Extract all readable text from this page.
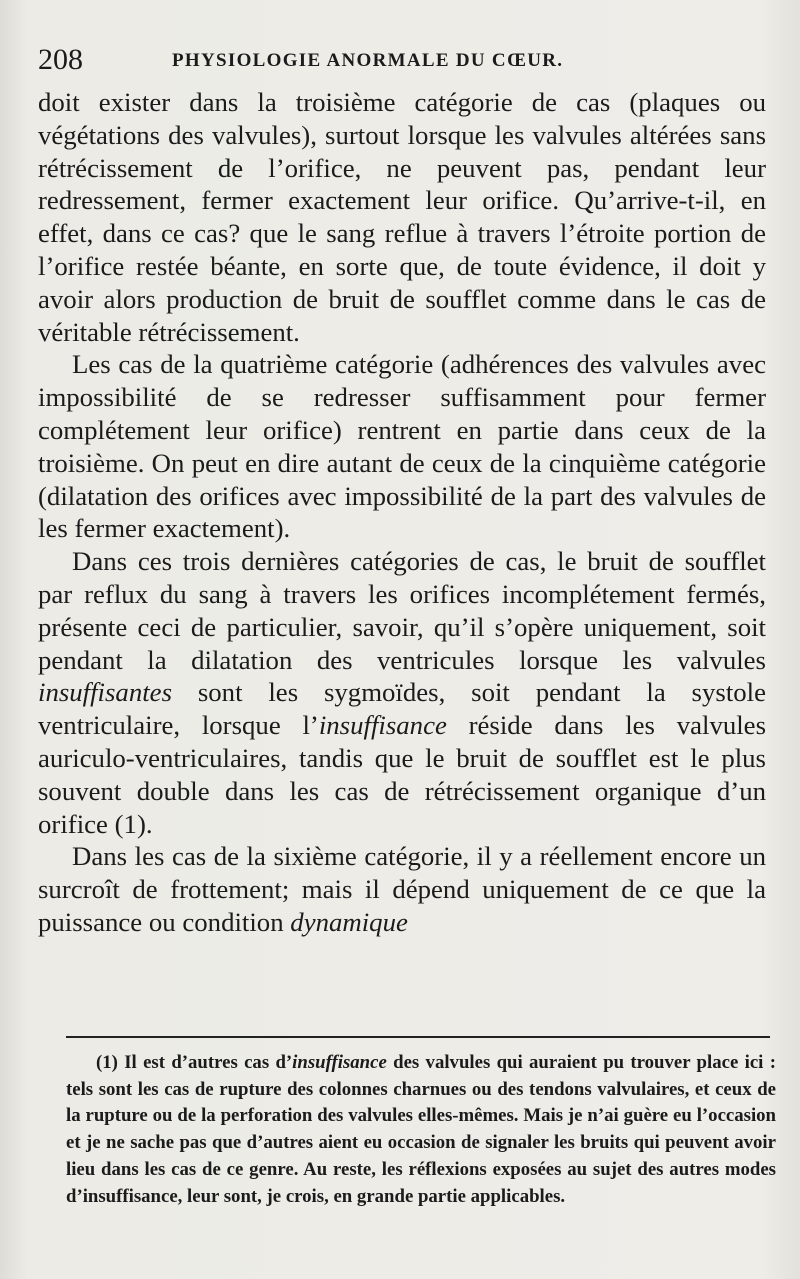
208	PHYSIOLOGIE ANORMALE DU CŒUR.

doit exister dans la troisième catégorie de cas (plaques ou végétations des valvules), surtout lorsque les valvules altérées sans rétrécissement de l’orifice, ne peuvent pas, pendant leur redressement, fermer exactement leur orifice. Qu’arrive-t-il, en effet, dans ce cas? que le sang reflue à travers l’étroite portion de l’orifice restée béante, en sorte que, de toute évidence, il doit y avoir alors production de bruit de soufflet comme dans le cas de véritable rétrécissement.

Les cas de la quatrième catégorie (adhérences des valvules avec impossibilité de se redresser suffisamment pour fermer complétement leur orifice) rentrent en partie dans ceux de la troisième. On peut en dire autant de ceux de la cinquième catégorie (dilatation des orifices avec impossibilité de la part des valvules de les fermer exactement).

Dans ces trois dernières catégories de cas, le bruit de soufflet par reflux du sang à travers les orifices incomplétement fermés, présente ceci de particulier, savoir, qu’il s’opère uniquement, soit pendant la dilatation des ventricules lorsque les valvules insuffisantes sont les sygmoïdes, soit pendant la systole ventriculaire, lorsque l’insuffisance réside dans les valvules auriculo-ventriculaires, tandis que le bruit de soufflet est le plus souvent double dans les cas de rétrécissement organique d’un orifice (1).

Dans les cas de la sixième catégorie, il y a réellement encore un surcroît de frottement; mais il dépend uniquement de ce que la puissance ou condition dynamique

(1) Il est d’autres cas d’insuffisance des valvules qui auraient pu trouver place ici : tels sont les cas de rupture des colonnes charnues ou des tendons valvulaires, et ceux de la rupture ou de la perforation des valvules elles-mêmes. Mais je n’ai guère eu l’occasion et je ne sache pas que d’autres aient eu occasion de signaler les bruits qui peuvent avoir lieu dans les cas de ce genre. Au reste, les réflexions exposées au sujet des autres modes d’insuffisance, leur sont, je crois, en grande partie applicables.
